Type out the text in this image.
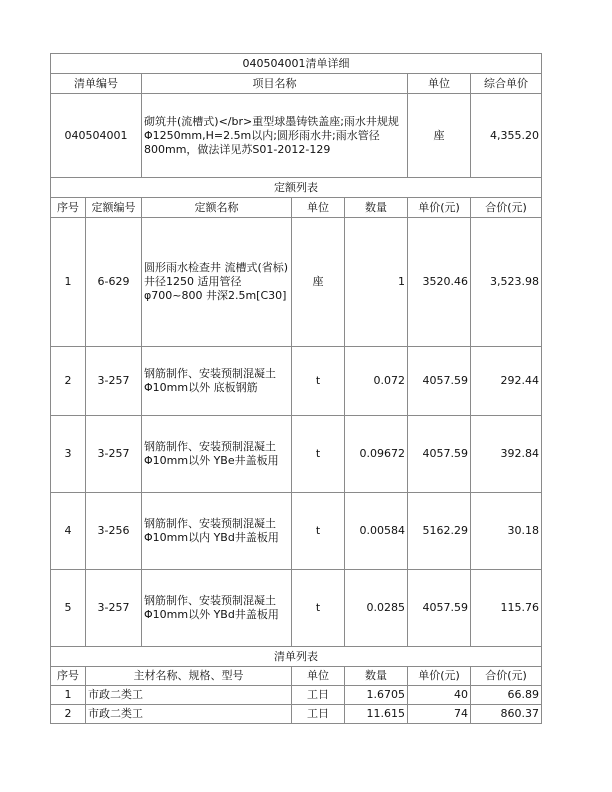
040504001清单详细						
清单编号		项目名称			单位	综合单价
040504001		砌筑井(流槽式)</br>重型球墨铸铁盖座;雨水井规规Φ1250mm,H=2.5m以内;圆形雨水井;雨水管径800mm，做法详见苏S01-2012-129			座	4,355.20
定额列表						
序号	定额编号	定额名称	单位	数量	单价(元)	合价(元)
1	6-629	圆形雨水检查井 流槽式(省标)井径1250 适用管径φ700~800 井深2.5m[C30]	座	1	3520.46	3,523.98
2	3-257	钢筋制作、安装预制混凝土Φ10mm以外 底板钢筋	t	0.072	4057.59	292.44
3	3-257	钢筋制作、安装预制混凝土Φ10mm以外 YBe井盖板用	t	0.09672	4057.59	392.84
4	3-256	钢筋制作、安装预制混凝土Φ10mm以内 YBd井盖板用	t	0.00584	5162.29	30.18
5	3-257	钢筋制作、安装预制混凝土Φ10mm以外 YBd井盖板用	t	0.0285	4057.59	115.76
清单列表						
序号	主材名称、规格、型号		单位	数量	单价(元)	合价(元)
1	市政二类工		工日	1.6705	40	66.89
2	市政二类工		工日	11.615	74	860.37
